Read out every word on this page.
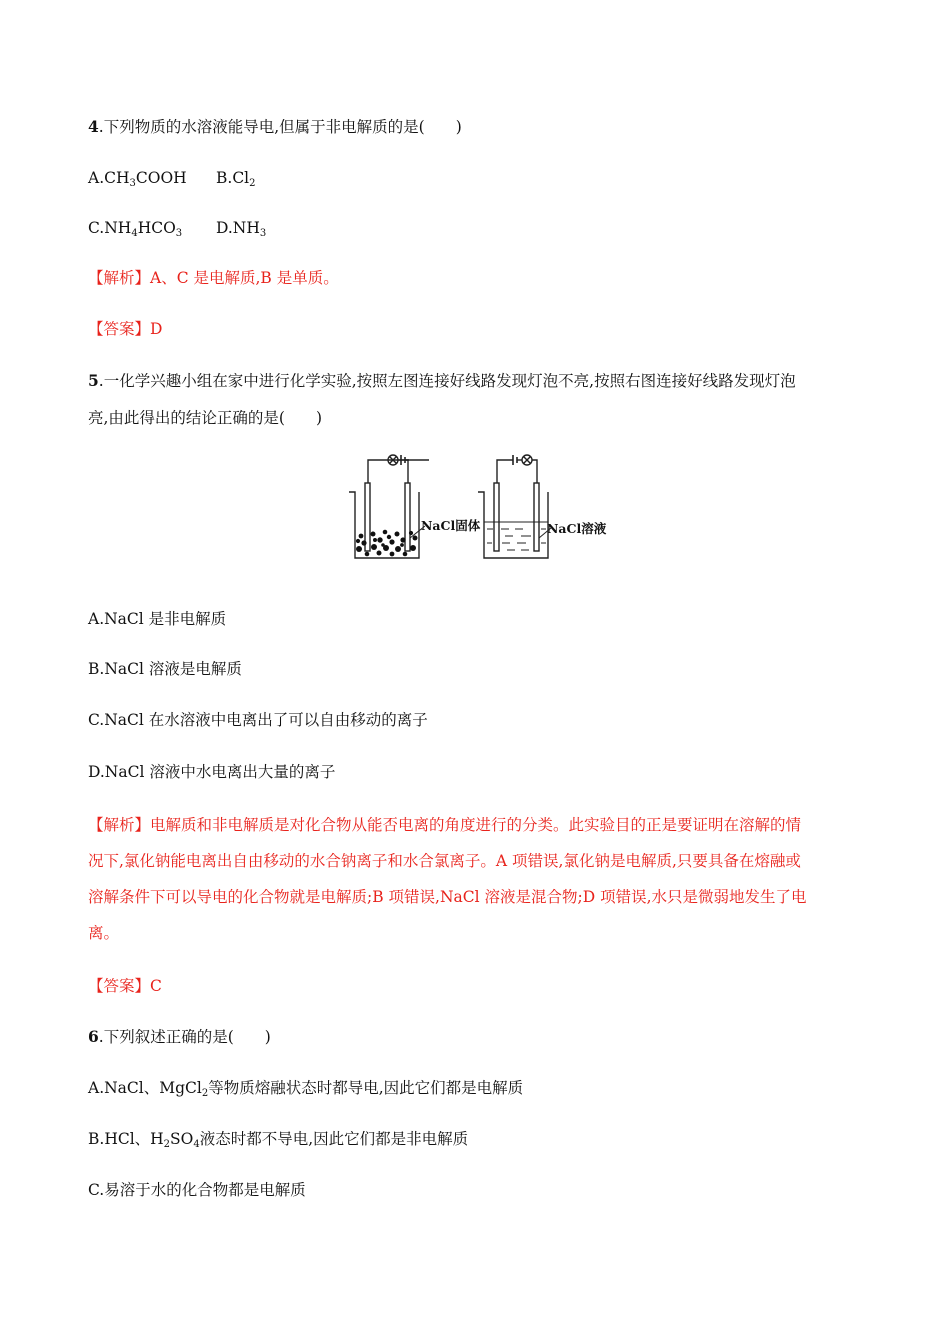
4.下列物质的水溶液能导电,但属于非电解质的是(　　)
$A.CH_3COOH$ $B.Cl_2$
$C.NH_4HCO_3$ $D.NH_3$
【解析】A、C 是电解质,B 是单质。
【答案】D
5.一化学兴趣小组在家中进行化学实验,按照左图连接好线路发现灯泡不亮,按照右图连接好线路发现灯泡
亮,由此得出的结论正确的是(　　)
NaCl固体	NaCl溶液
A.NaCl 是非电解质
B.NaCl 溶液是电解质
C.NaCl 在水溶液中电离出了可以自由移动的离子
D.NaCl 溶液中水电离出大量的离子
【解析】电解质和非电解质是对化合物从能否电离的角度进行的分类。此实验目的正是要证明在溶解的情
况下,氯化钠能电离出自由移动的水合钠离子和水合氯离子。A 项错误,氯化钠是电解质,只要具备在熔融或
溶解条件下可以导电的化合物就是电解质;B 项错误,NaCl 溶液是混合物;D 项错误,水只是微弱地发生了电
离。
【答案】C
6.下列叙述正确的是(　　)
A.NaCl、MgCl$_2$等物质熔融状态时都导电,因此它们都是电解质
B.HCl、$H_2SO_4$液态时都不导电,因此它们都是非电解质
C.易溶于水的化合物都是电解质
